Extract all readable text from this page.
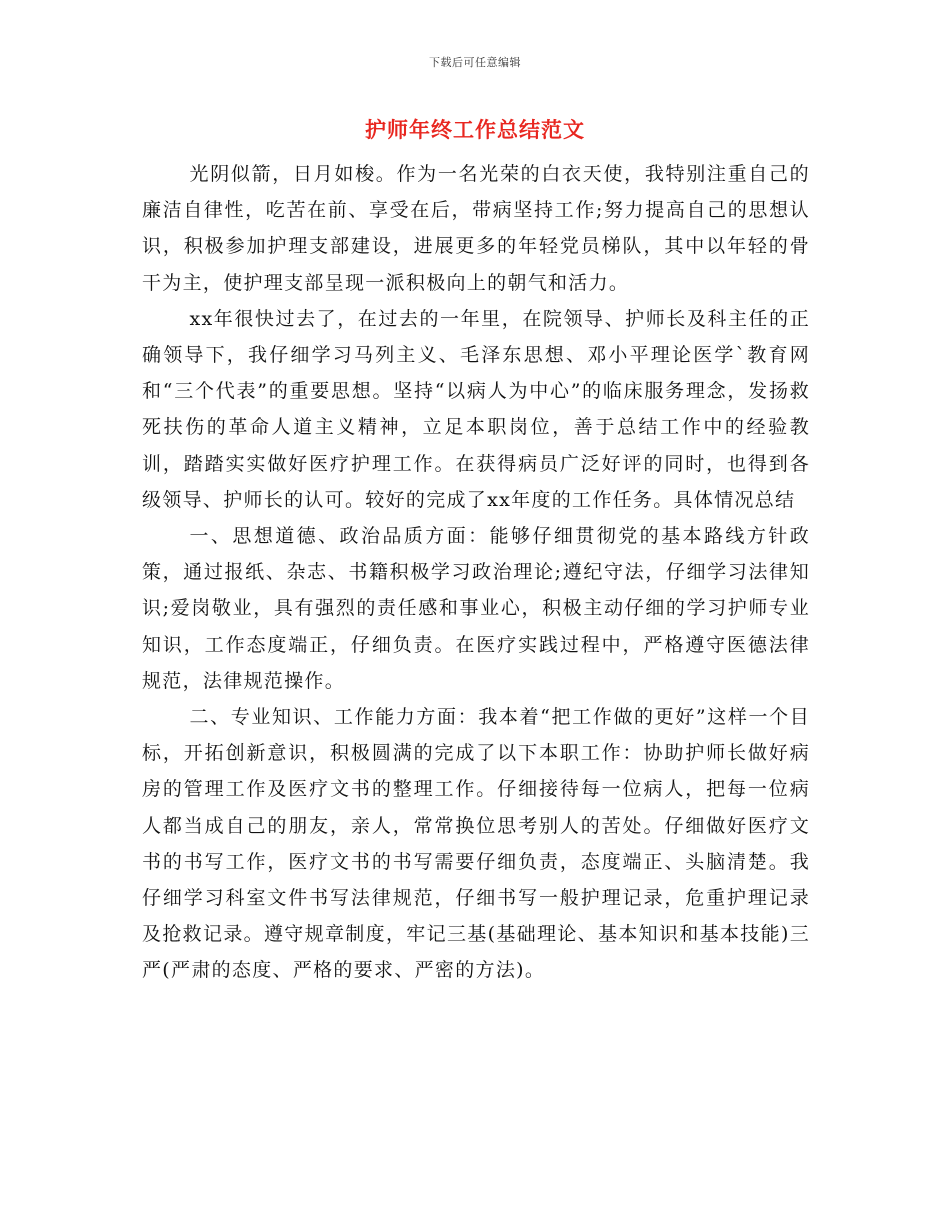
下载后可任意编辑
护师年终工作总结范文

光阴似箭，日月如梭。作为一名光荣的白衣天使，我特别注重自己的廉洁自律性，吃苦在前、享受在后，带病坚持工作;努力提高自己的思想认识，积极参加护理支部建设，进展更多的年轻党员梯队，其中以年轻的骨干为主，使护理支部呈现一派积极向上的朝气和活力。

xx年很快过去了，在过去的一年里，在院领导、护师长及科主任的正确领导下，我仔细学习马列主义、毛泽东思想、邓小平理论医学`教育网和“三个代表”的重要思想。坚持“以病人为中心”的临床服务理念，发扬救死扶伤的革命人道主义精神，立足本职岗位，善于总结工作中的经验教训，踏踏实实做好医疗护理工作。在获得病员广泛好评的同时，也得到各级领导、护师长的认可。较好的完成了xx年度的工作任务。具体情况总结

一、思想道德、政治品质方面：能够仔细贯彻党的基本路线方针政策，通过报纸、杂志、书籍积极学习政治理论;遵纪守法，仔细学习法律知识;爱岗敬业，具有强烈的责任感和事业心，积极主动仔细的学习护师专业知识，工作态度端正，仔细负责。在医疗实践过程中，严格遵守医德法律规范，法律规范操作。

二、专业知识、工作能力方面：我本着“把工作做的更好”这样一个目标，开拓创新意识，积极圆满的完成了以下本职工作：协助护师长做好病房的管理工作及医疗文书的整理工作。仔细接待每一位病人，把每一位病人都当成自己的朋友，亲人，常常换位思考别人的苦处。仔细做好医疗文书的书写工作，医疗文书的书写需要仔细负责，态度端正、头脑清楚。我仔细学习科室文件书写法律规范，仔细书写一般护理记录，危重护理记录及抢救记录。遵守规章制度，牢记三基(基础理论、基本知识和基本技能)三严(严肃的态度、严格的要求、严密的方法)。
